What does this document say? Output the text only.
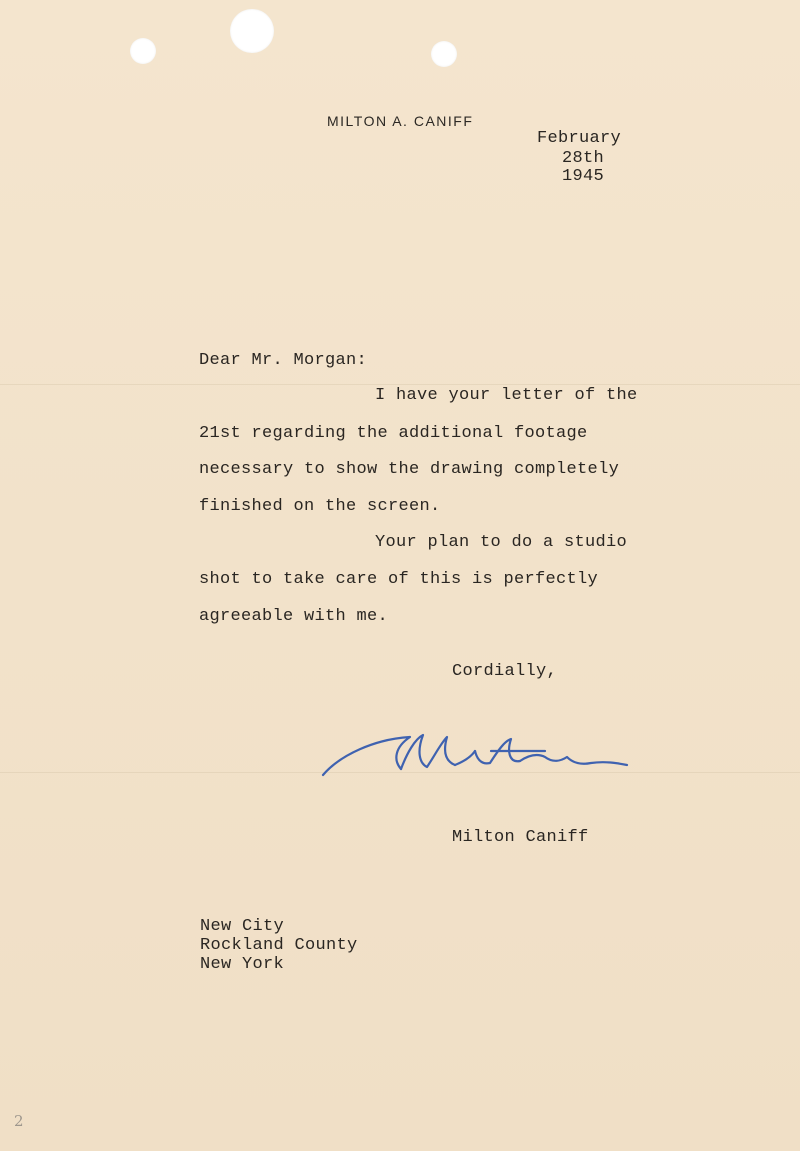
MILTON A. CANIFF
February
28th
1945
Dear Mr. Morgan:
I have your letter of the
21st regarding the additional footage
necessary to show the drawing completely
finished on the screen.
Your plan to do a studio
shot to take care of this is perfectly
agreeable with me.
Cordially,
Milton Caniff
New City
Rockland County
New York
2
